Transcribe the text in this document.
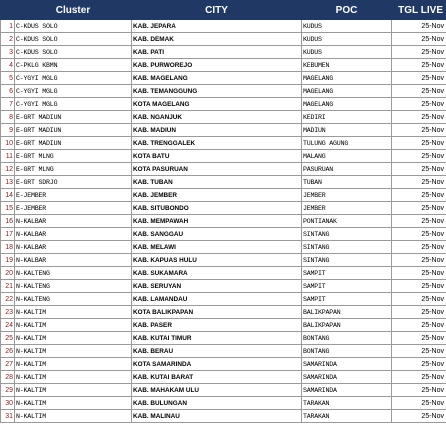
	Cluster	CITY	POC	TGL LIVE
1	C-KDUS SOLO	KAB. JEPARA	KUDUS	25-Nov
2	C-KDUS SOLO	KAB. DEMAK	KUDUS	25-Nov
3	C-KDUS SOLO	KAB. PATI	KUDUS	25-Nov
4	C-PKLG KBMN	KAB. PURWOREJO	KEBUMEN	25-Nov
5	C-YGYI MGLG	KAB. MAGELANG	MAGELANG	25-Nov
6	C-YGYI MGLG	KAB. TEMANGGUNG	MAGELANG	25-Nov
7	C-YGYI MGLG	KOTA MAGELANG	MAGELANG	25-Nov
8	E-GRT MADIUN	KAB. NGANJUK	KEDIRI	25-Nov
9	E-GRT MADIUN	KAB. MADIUN	MADIUN	25-Nov
10	E-GRT MADIUN	KAB. TRENGGALEK	TULUNG AGUNG	25-Nov
11	E-GRT MLNG	KOTA BATU	MALANG	25-Nov
12	E-GRT MLNG	KOTA PASURUAN	PASURUAN	25-Nov
13	E-GRT SDRJO	KAB. TUBAN	TUBAN	25-Nov
14	E-JEMBER	KAB. JEMBER	JEMBER	25-Nov
15	E-JEMBER	KAB. SITUBONDO	JEMBER	25-Nov
16	N-KALBAR	KAB. MEMPAWAH	PONTIANAK	25-Nov
17	N-KALBAR	KAB. SANGGAU	SINTANG	25-Nov
18	N-KALBAR	KAB. MELAWI	SINTANG	25-Nov
19	N-KALBAR	KAB. KAPUAS HULU	SINTANG	25-Nov
20	N-KALTENG	KAB. SUKAMARA	SAMPIT	25-Nov
21	N-KALTENG	KAB. SERUYAN	SAMPIT	25-Nov
22	N-KALTENG	KAB. LAMANDAU	SAMPIT	25-Nov
23	N-KALTIM	KOTA BALIKPAPAN	BALIKPAPAN	25-Nov
24	N-KALTIM	KAB. PASER	BALIKPAPAN	25-Nov
25	N-KALTIM	KAB. KUTAI TIMUR	BONTANG	25-Nov
26	N-KALTIM	KAB. BERAU	BONTANG	25-Nov
27	N-KALTIM	KOTA SAMARINDA	SAMARINDA	25-Nov
28	N-KALTIM	KAB. KUTAI BARAT	SAMARINDA	25-Nov
29	N-KALTIM	KAB. MAHAKAM ULU	SAMARINDA	25-Nov
30	N-KALTIM	KAB. BULUNGAN	TARAKAN	25-Nov
31	N-KALTIM	KAB. MALINAU	TARAKAN	25-Nov
